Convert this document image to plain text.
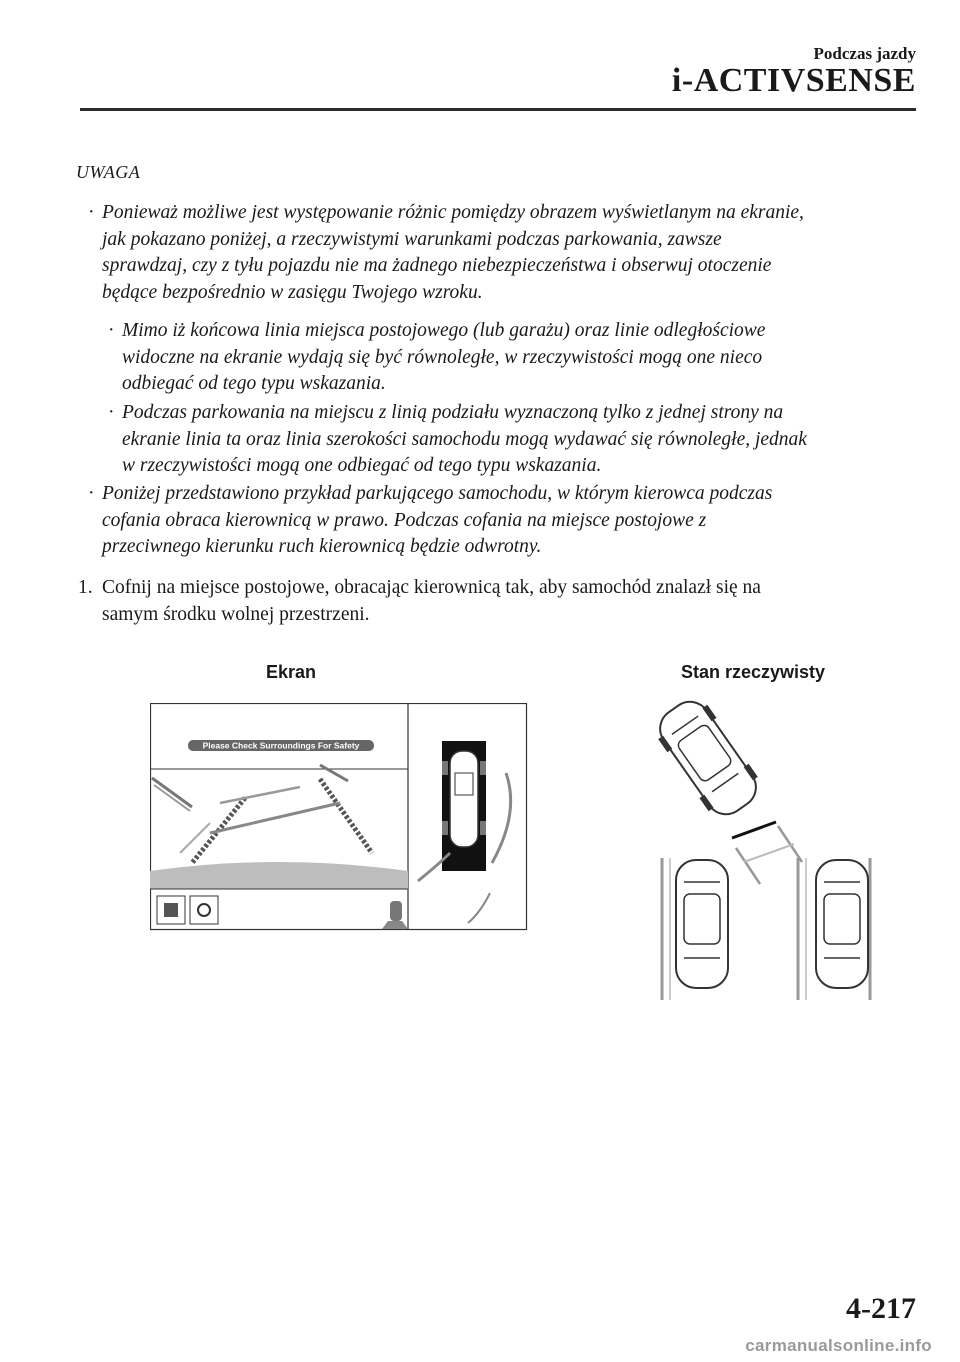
Podczas jazdy
i-ACTIVSENSE
UWAGA
· Ponieważ możliwe jest występowanie różnic pomiędzy obrazem wyświetlanym na ekranie,
jak pokazano poniżej, a rzeczywistymi warunkami podczas parkowania, zawsze
sprawdzaj, czy z tyłu pojazdu nie ma żadnego niebezpieczeństwa i obserwuj otoczenie
będące bezpośrednio w zasięgu Twojego wzroku.
· Mimo iż końcowa linia miejsca postojowego (lub garażu) oraz linie odległościowe
widoczne na ekranie wydają się być równoległe, w rzeczywistości mogą one nieco
odbiegać od tego typu wskazania.
· Podczas parkowania na miejscu z linią podziału wyznaczoną tylko z jednej strony na
ekranie linia ta oraz linia szerokości samochodu mogą wydawać się równoległe, jednak
w rzeczywistości mogą one odbiegać od tego typu wskazania.
· Poniżej przedstawiono przykład parkującego samochodu, w którym kierowca podczas
cofania obraca kierownicą w prawo. Podczas cofania na miejsce postojowe z
przeciwnego kierunku ruch kierownicą będzie odwrotny.
1. Cofnij na miejsce postojowe, obracając kierownicą tak, aby samochód znalazł się na
samym środku wolnej przestrzeni.
Ekran	Stan rzeczywisty
Please Check Surroundings For Safety
4-217
carmanualsonline.info
